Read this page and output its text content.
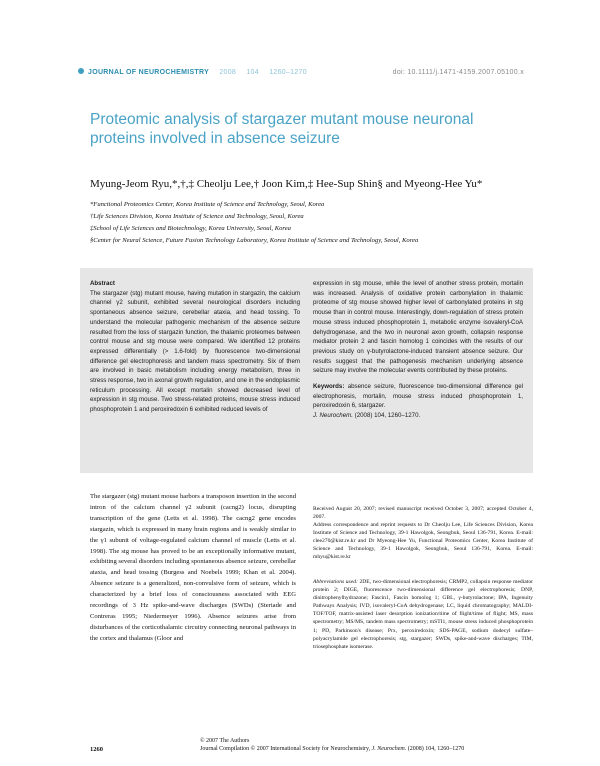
JOURNAL OF NEUROCHEMISTRY 2008 104 1260–1270	doi: 10.1111/j.1471-4159.2007.05100.x
Proteomic analysis of stargazer mutant mouse neuronal proteins involved in absence seizure
Myung-Jeom Ryu,*,†,‡ Cheolju Lee,† Joon Kim,‡ Hee-Sup Shin§ and Myeong-Hee Yu*
*Functional Proteomics Center, Korea Institute of Science and Technology, Seoul, Korea
†Life Sciences Division, Korea Institute of Science and Technology, Seoul, Korea
‡School of Life Sciences and Biotechnology, Korea University, Seoul, Korea
§Center for Neural Science, Future Fusion Technology Laboratory, Korea Institute of Science and Technology, Seoul, Korea

Abstract

The stargazer (stg) mutant mouse, having mutation in stargazin, the calcium channel γ2 subunit, exhibited several neurological disorders including spontaneous absence seizure, cerebellar ataxia, and head tossing. To understand the molecular pathogenic mechanism of the absence seizure resulted from the loss of stargazin function, the thalamic proteomes between control mouse and stg mouse were compared. We identified 12 proteins expressed differentially (> 1.6-fold) by fluorescence two-dimensional difference gel electrophoresis and tandem mass spectrometry. Six of them are involved in basic metabolism including energy metabolism, three in stress response, two in axonal growth regulation, and one in the endoplasmic reticulum processing. All except mortalin showed decreased level of expression in stg mouse. Two stress-related proteins, mouse stress induced phosphoprotein 1 and peroxiredoxin 6 exhibited reduced levels of

expression in stg mouse, while the level of another stress protein, mortalin was increased. Analysis of oxidative protein carbonylation in thalamic proteome of stg mouse showed higher level of carbonylated proteins in stg mouse than in control mouse. Interestingly, down-regulation of stress protein mouse stress induced phosphoprotein 1, metabolic enzyme isovaleryl-CoA dehydrogenase, and the two in neuronal axon growth, collapsin response mediator protein 2 and fascin homolog 1 coincides with the results of our previous study on γ-butyrolactone-induced transient absence seizure. Our results suggest that the pathogenesis mechanism underlying absence seizure may involve the molecular events contributed by these proteins.

Keywords: absence seizure, fluorescence two-dimensional difference gel electrophoresis, mortalin, mouse stress induced phosphoprotein 1, peroxiredoxin 6, stargazer.

J. Neurochem. (2008) 104, 1260–1270.

The stargazer (stg) mutant mouse harbors a transposon insertion in the second intron of the calcium channel γ2 subunit (cacng2) locus, disrupting transcription of the gene (Letts et al. 1998). The cacng2 gene encodes stargazin, which is expressed in many brain regions and is weakly similar to the γ1 subunit of voltage-regulated calcium channel of muscle (Letts et al. 1998). The stg mouse has proved to be an exceptionally informative mutant, exhibiting several disorders including spontaneous absence seizure, cerebellar ataxia, and head tossing (Burgess and Noebels 1999; Khan et al. 2004). Absence seizure is a generalized, non-convulsive form of seizure, which is characterized by a brief loss of consciousness associated with EEG recordings of 3 Hz spike-and-wave discharges (SWDs) (Steriade and Contreras 1995; Niedermeyer 1996). Absence seizures arise from disturbances of the corticothalamic circuitry connecting neuronal pathways in the cortex and thalamus (Gloor and

Received August 20, 2007; revised manuscript received October 3, 2007; accepted October 4, 2007.

Address correspondence and reprint requests to Dr Cheolju Lee, Life Sciences Division, Korea Institute of Science and Technology, 39-1 Hawolgok, Seongbuk, Seoul 136-791, Korea. E-mail: clee270@kist.re.kr and Dr Myeong-Hee Yu, Functional Proteomics Center, Korea Institute of Science and Technology, 39-1 Hawolgok, Seongbuk, Seoul 136-791, Korea. E-mail: mhyu@kist.re.kr

Abbreviations used: 2DE, two-dimensional electrophoresis; CRMP2, collapsin response mediator protein 2; DIGE, fluorescence two-dimensional difference gel electrophoresis; DNP, dinitrophenylhydrazone; Fascin1, Fascin homolog 1; GBL, γ-butyrolactone; IPA, Ingenuity Pathways Analysis; IVD, isovaleryl-CoA dehydrogenase; LC, liquid chromatography; MALDI-TOF/TOF, matrix-assisted laser desorption ionization/time of flight/time of flight; MS, mass spectrometry; MS/MS, tandem mass spectrometry; mSTI1, mouse stress induced phosphoprotein 1; PD, Parkinson's disease; Prx, peroxiredoxin; SDS-PAGE, sodium dodecyl sulfate–polyacrylamide gel electrophoresis; stg, stargazer; SWDs, spike-and-wave discharges; TIM, triosephosphate isomerase.

© 2007 The Authors
1260	Journal Compilation © 2007 International Society for Neurochemistry, J. Neurochem. (2008) 104, 1260–1270
